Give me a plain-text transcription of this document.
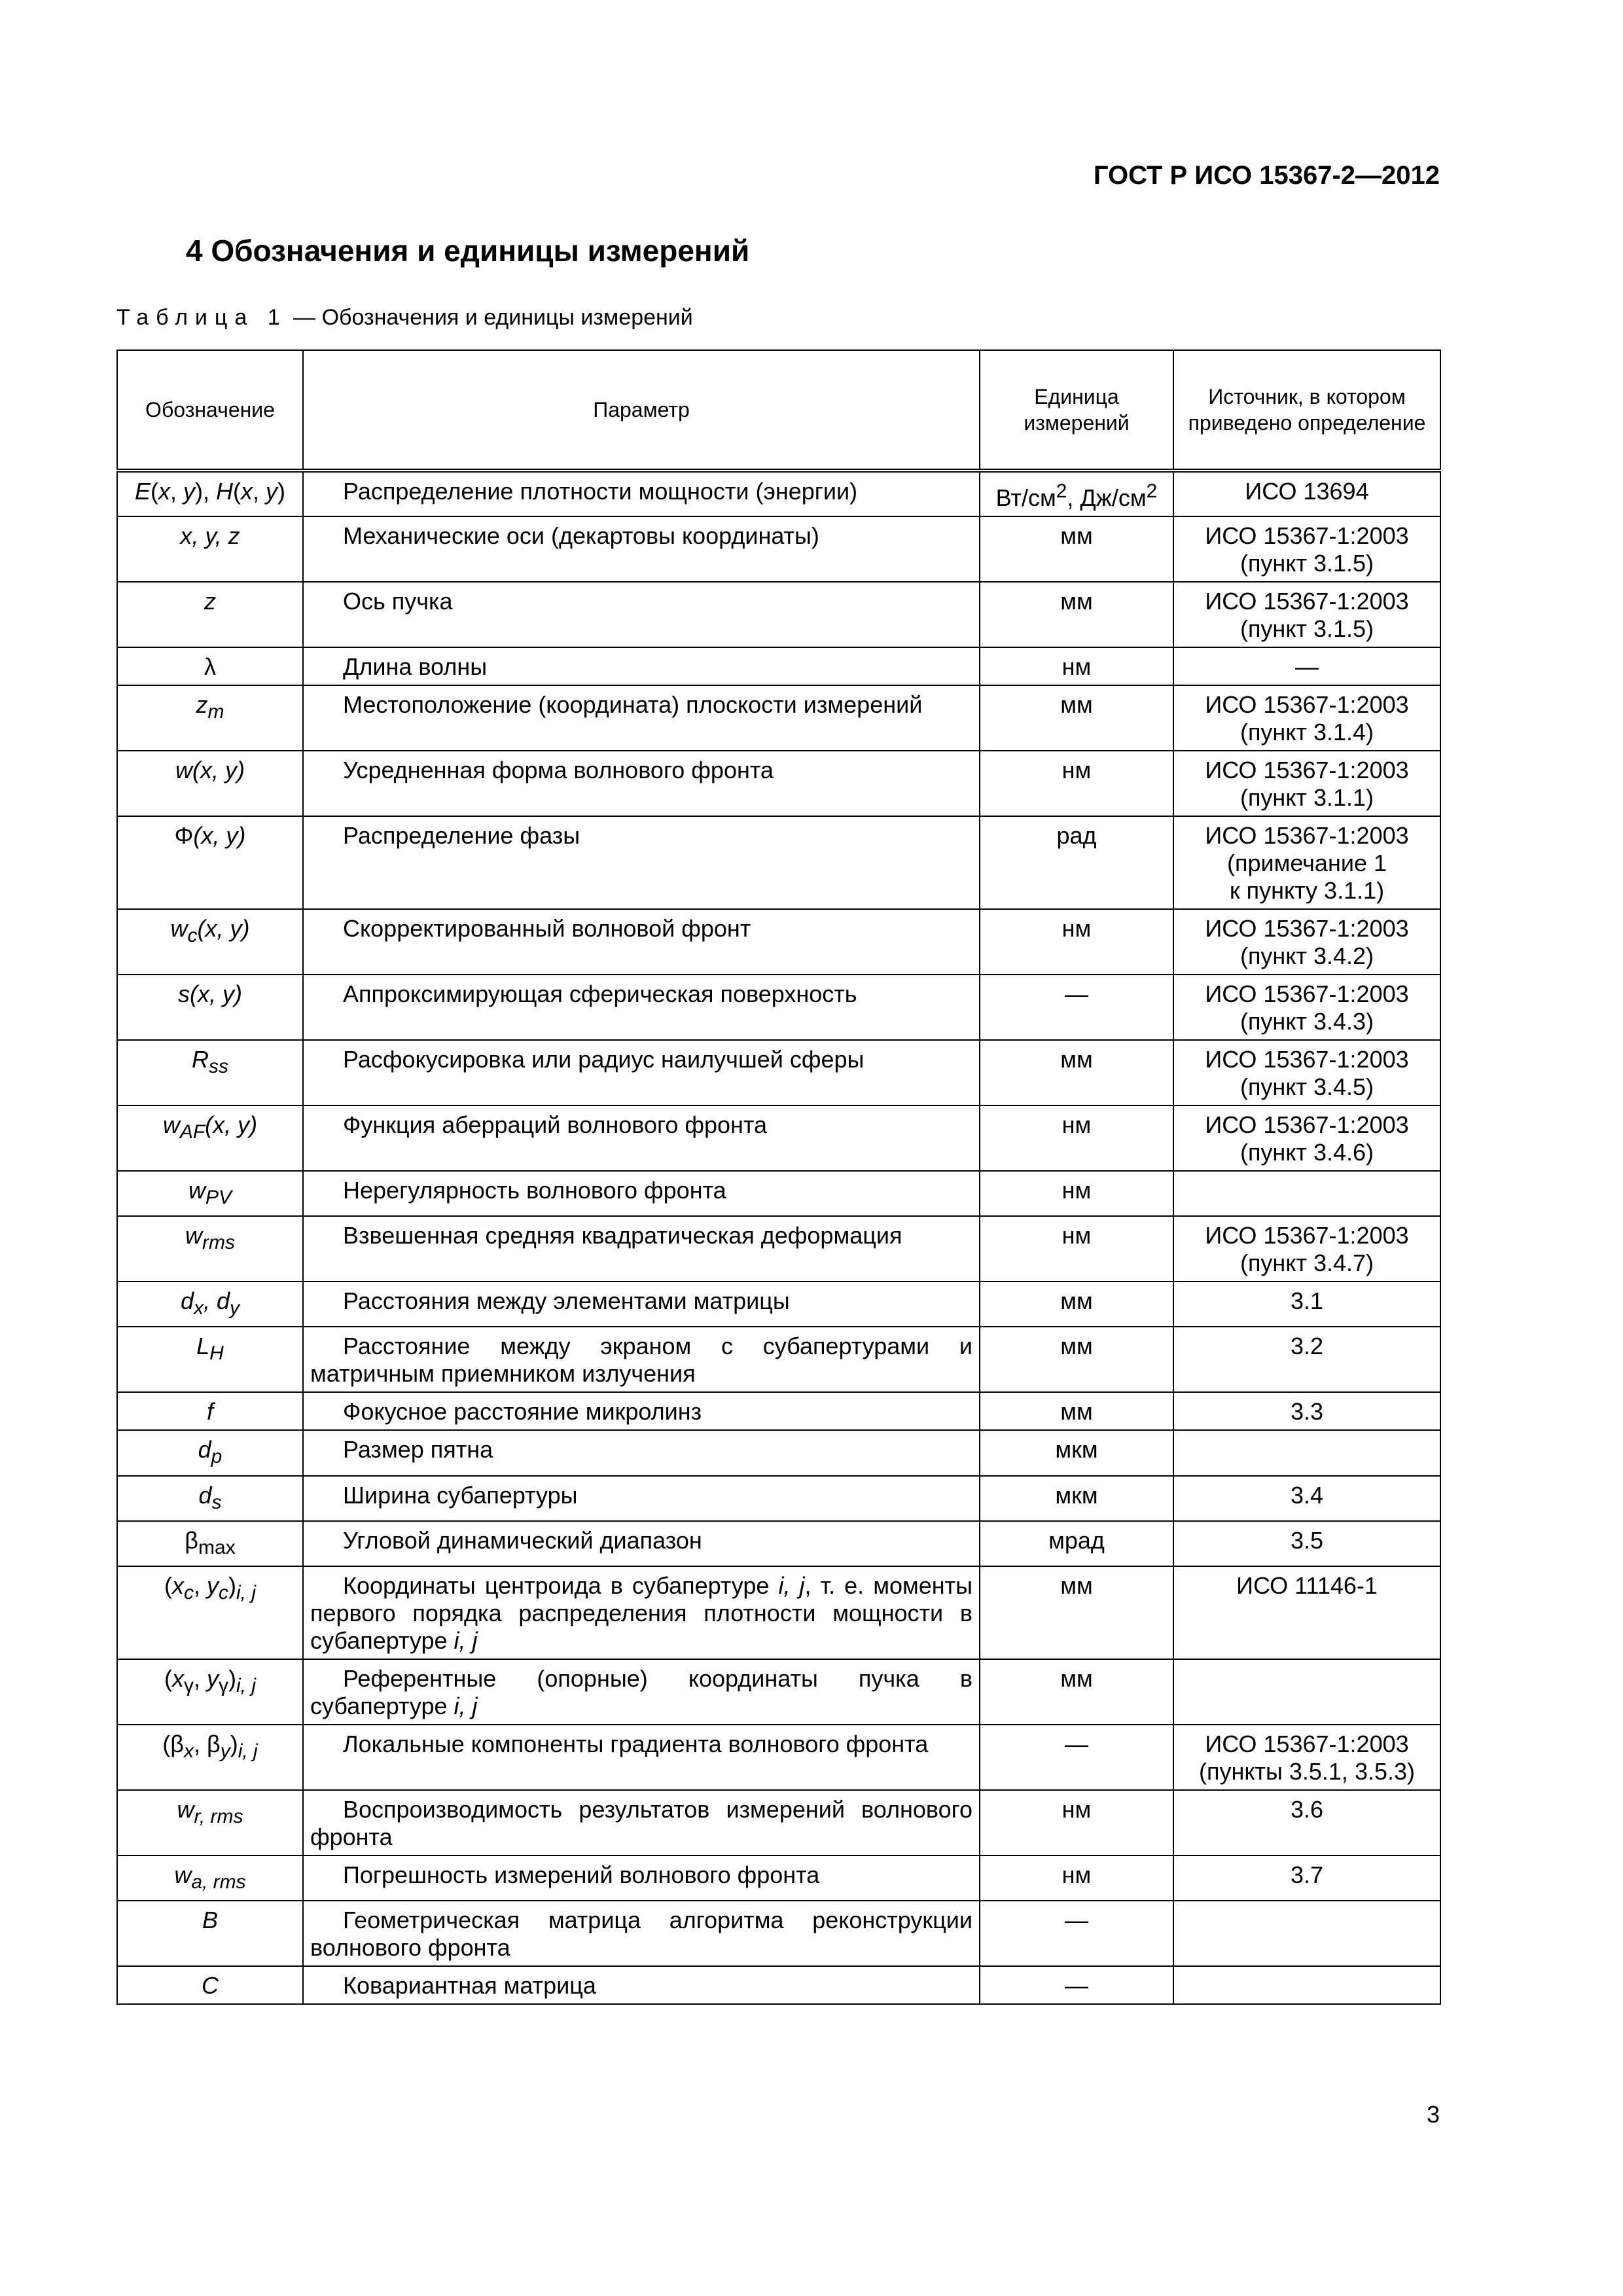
ГОСТ Р ИСО 15367-2—2012
4 Обозначения и единицы измерений
Таблица 1 — Обозначения и единицы измерений
Обозначение	Параметр	Единица измерений	Источник, в котором приведено определение
E(x, y), H(x, y)	Распределение плотности мощности (энергии)	$Вт/см^2$, $Дж/см^2$	ИСО 13694
x, y, z	Механические оси (декартовы координаты)	мм	ИСО 15367-1:2003
(пункт 3.1.5)

z	Ось пучка	мм	ИСО 15367-1:2003
(пункт 3.1.5)

λ	Длина волны	нм	—
$z_m$	Местоположение (координата) плоскости измерений	мм	ИСО 15367-1:2003
(пункт 3.1.4)

w(x, y)	Усредненная форма волнового фронта	нм	ИСО 15367-1:2003
(пункт 3.1.1)

Φ(x, y)	Распределение фазы	рад	ИСО 15367-1:2003
(примечание 1
к пункту 3.1.1)

$w_c(x$, y)	Скорректированный волновой фронт	нм	ИСО 15367-1:2003
(пункт 3.4.2)

s(x, y)	Аппроксимирующая сферическая поверхность	—	ИСО 15367-1:2003
(пункт 3.4.3)

$R_{ss}$	Расфокусировка или радиус наилучшей сферы	мм	ИСО 15367-1:2003
(пункт 3.4.5)

$w_{AF}(x$, y)	Функция аберраций волнового фронта	нм	ИСО 15367-1:2003
(пункт 3.4.6)

$w_{PV}$	Нерегулярность волнового фронта	нм	
$w_{rms}$	Взвешенная средняя квадратическая деформация	нм	ИСО 15367-1:2003
(пункт 3.4.7)

$d_x$, $d_y$	Расстояния между элементами матрицы	мм	3.1
$L_H$	Расстояние между экраном с субапертурами и матричным приемником излучения	мм	3.2
f	Фокусное расстояние микролинз	мм	3.3
$d_p$	Размер пятна	мкм	
$d_s$	Ширина субапертуры	мкм	3.4
$\beta_{max}$	Угловой динамический диапазон	мрад	3.5
($x_c$, $y_c)_{i, j}$	Координаты центроида в субапертуре i, j, т. е. моменты первого порядка распределения плотности мощности в субапертуре i, j	мм	ИСО 11146-1
($x_\gamma$, $y_\gamma)_{i, j}$	Референтные (опорные) координаты пучка в субапертуре i, j	мм	
($\beta_x$, $\beta_y)_{i, j}$	Локальные компоненты градиента волнового фронта	—	ИСО 15367-1:2003
(пункты 3.5.1, 3.5.3)

$w_{r, rms}$	Воспроизводимость результатов измерений волнового фронта	нм	3.6
$w_{a, rms}$	Погрешность измерений волнового фронта	нм	3.7
B	Геометрическая матрица алгоритма реконструкции волнового фронта	—	
C	Ковариантная матрица	—	
3
